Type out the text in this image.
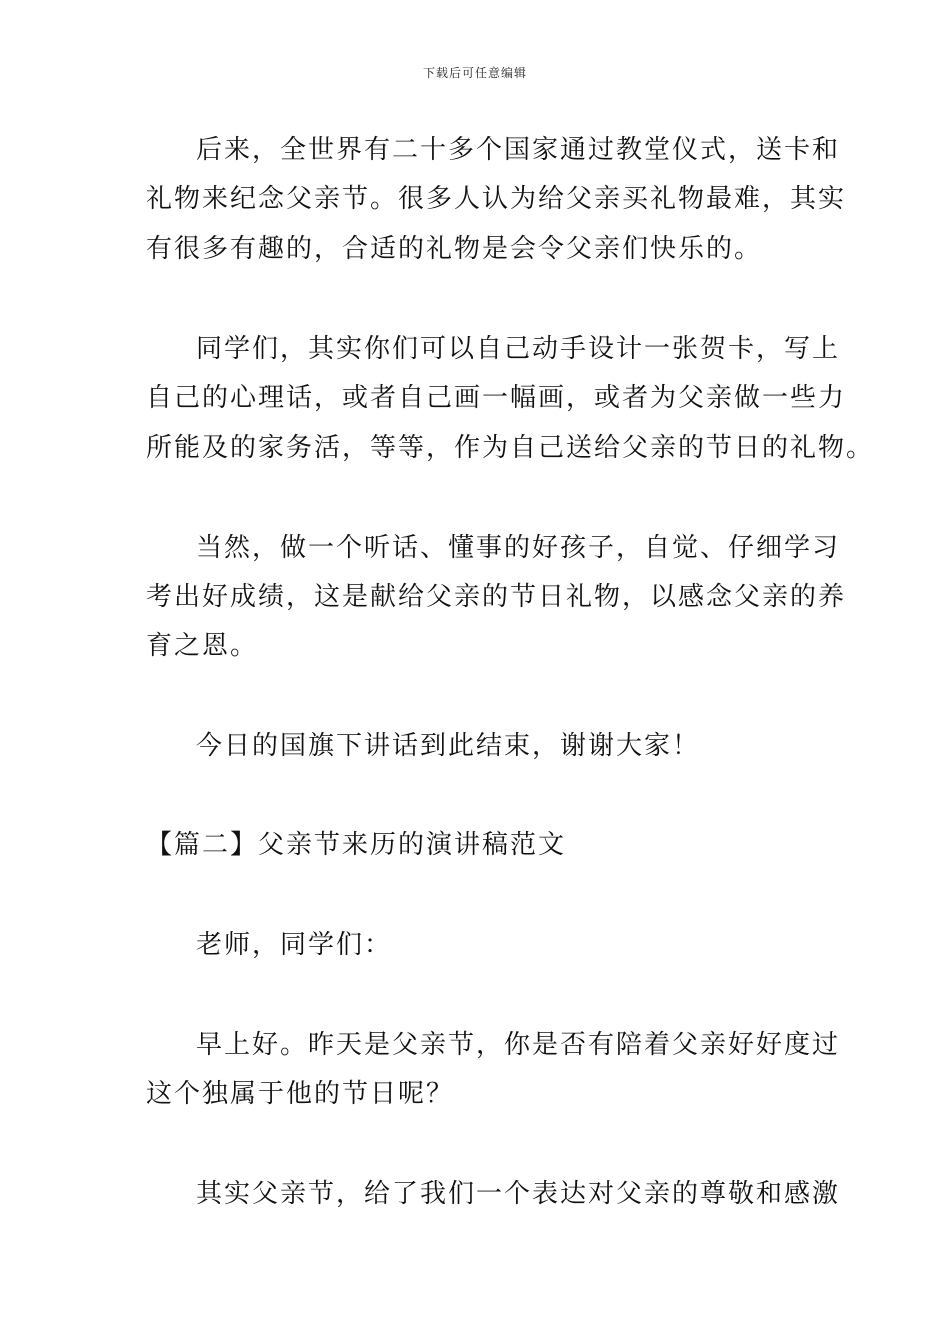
下载后可任意编辑
后来，全世界有二十多个国家通过教堂仪式，送卡和
礼物来纪念父亲节。很多人认为给父亲买礼物最难，其实
有很多有趣的，合适的礼物是会令父亲们快乐的。
同学们，其实你们可以自己动手设计一张贺卡，写上
自己的心理话，或者自己画一幅画，或者为父亲做一些力
所能及的家务活，等等，作为自己送给父亲的节日的礼物。
当然，做一个听话、懂事的好孩子，自觉、仔细学习
考出好成绩，这是献给父亲的节日礼物，以感念父亲的养
育之恩。
今日的国旗下讲话到此结束，谢谢大家！
【篇二】父亲节来历的演讲稿范文
老师，同学们：
早上好。昨天是父亲节，你是否有陪着父亲好好度过
这个独属于他的节日呢？
其实父亲节，给了我们一个表达对父亲的尊敬和感激
